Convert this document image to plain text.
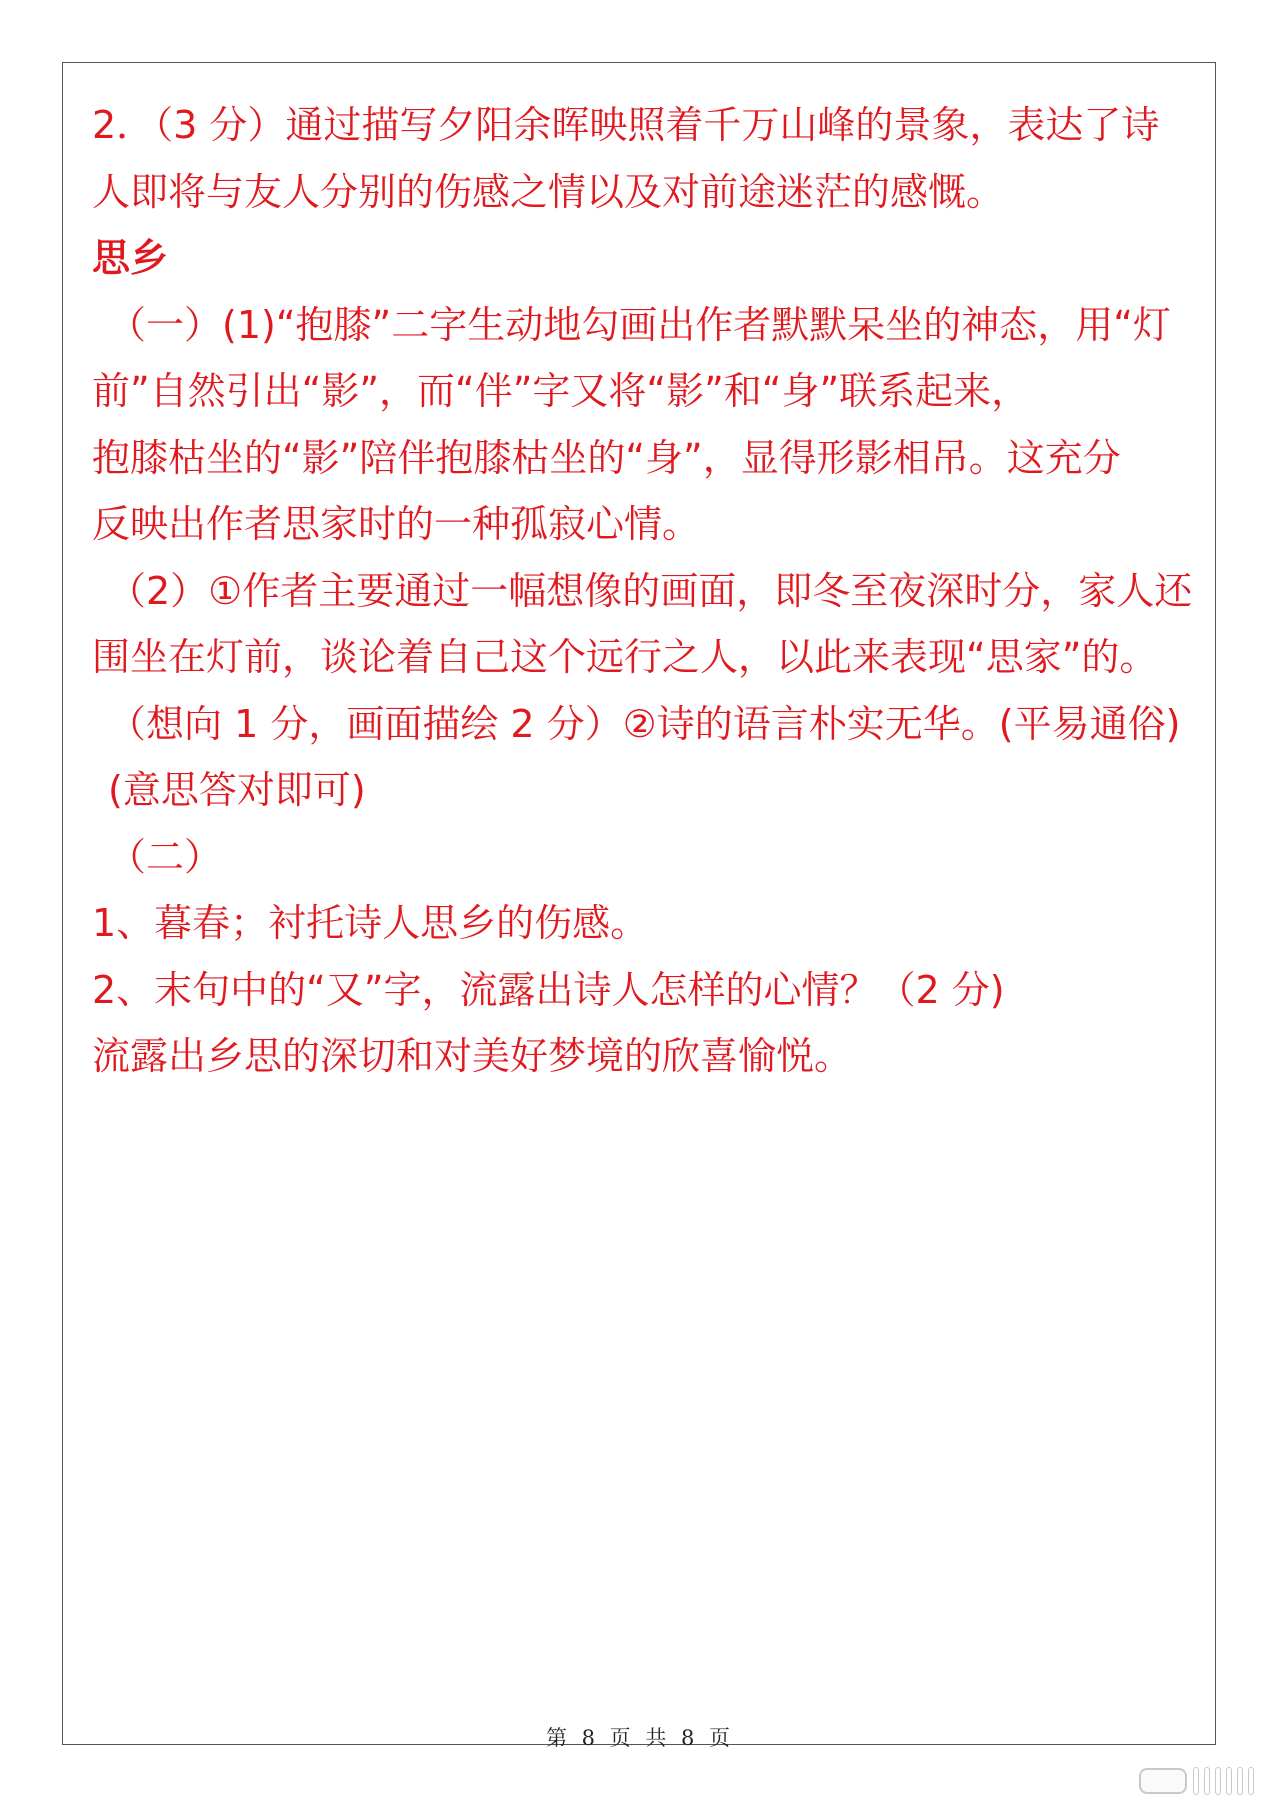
2．（3 分）通过描写夕阳余晖映照着千万山峰的景象，表达了诗
人即将与友人分别的伤感之情以及对前途迷茫的感慨。
思乡
（一）(1)“抱膝”二字生动地勾画出作者默默呆坐的神态，用“灯
前”自然引出“影”，而“伴”字又将“影”和“身”联系起来，
抱膝枯坐的“影”陪伴抱膝枯坐的“身”，显得形影相吊。这充分
反映出作者思家时的一种孤寂心情。
（2）①作者主要通过一幅想像的画面，即冬至夜深时分，家人还
围坐在灯前，谈论着自己这个远行之人，以此来表现“思家”的。
（想向 1 分，画面描绘 2 分）②诗的语言朴实无华。(平易通俗)
(意思答对即可)
（二）
1、暮春；衬托诗人思乡的伤感。
2、末句中的“又”字，流露出诗人怎样的心情？（2 分)
流露出乡思的深切和对美好梦境的欣喜愉悦。
第 8 页 共 8 页
